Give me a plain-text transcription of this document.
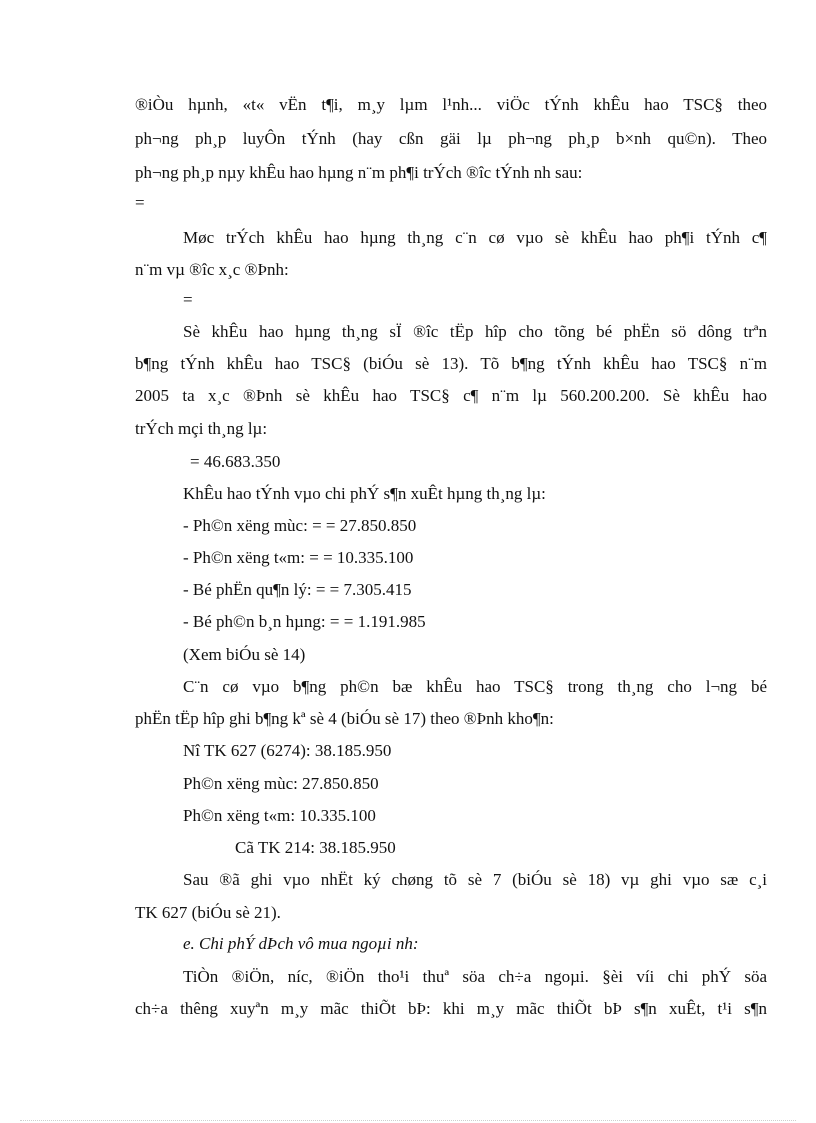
®iÒu hµnh, «t« vËn t¶i, m¸y lµm l¹nh... viÖc tÝnh khÊu hao TSC§ theo
ph¬ng ph¸p luyÔn tÝnh (hay cßn gäi lµ ph¬ng ph¸p b×nh qu©n). Theo
ph¬ng ph¸p nµy khÊu hao hµng n¨m ph¶i trÝch ®îc tÝnh nh sau:
=
Møc trÝch khÊu hao hµng th¸ng c¨n cø vµo sè khÊu hao ph¶i tÝnh c¶
n¨m vµ ®îc x¸c ®Þnh:
=
Sè khÊu hao hµng th¸ng sÏ ®îc tËp hîp cho tõng bé phËn sö dông trªn
b¶ng tÝnh khÊu hao TSC§ (biÓu sè 13). Tõ b¶ng tÝnh khÊu hao TSC§ n¨m
2005 ta x¸c ®Þnh sè khÊu hao TSC§ c¶ n¨m lµ 560.200.200. Sè khÊu hao
trÝch mçi th¸ng lµ:
= 46.683.350
KhÊu hao tÝnh vµo chi phÝ s¶n xuÊt hµng th¸ng lµ:
- Ph©n xëng mùc: = = 27.850.850
- Ph©n xëng t«m: = = 10.335.100
- Bé phËn qu¶n lý: = = 7.305.415
- Bé ph©n b¸n hµng: = = 1.191.985
(Xem biÓu sè 14)
C¨n cø vµo b¶ng ph©n bæ khÊu hao TSC§ trong th¸ng cho l¬ng bé
phËn tËp hîp ghi b¶ng kª sè 4 (biÓu sè 17) theo ®Þnh kho¶n:
Nî TK 627 (6274): 38.185.950
Ph©n xëng mùc: 27.850.850
Ph©n xëng t«m: 10.335.100
Cã TK 214: 38.185.950
Sau ®ã ghi vµo nhËt ký chøng tõ sè 7 (biÓu sè 18) vµ ghi vµo sæ c¸i
TK 627 (biÓu sè 21).
e. Chi phÝ dÞch vô mua ngoµi nh:
TiÒn ®iÖn, níc, ®iÖn tho¹i thuª söa ch÷a ngoµi. §èi víi chi phÝ söa
ch÷a thêng xuyªn m¸y mãc thiÕt bÞ: khi m¸y mãc thiÕt bÞ s¶n xuÊt, t¹i s¶n
